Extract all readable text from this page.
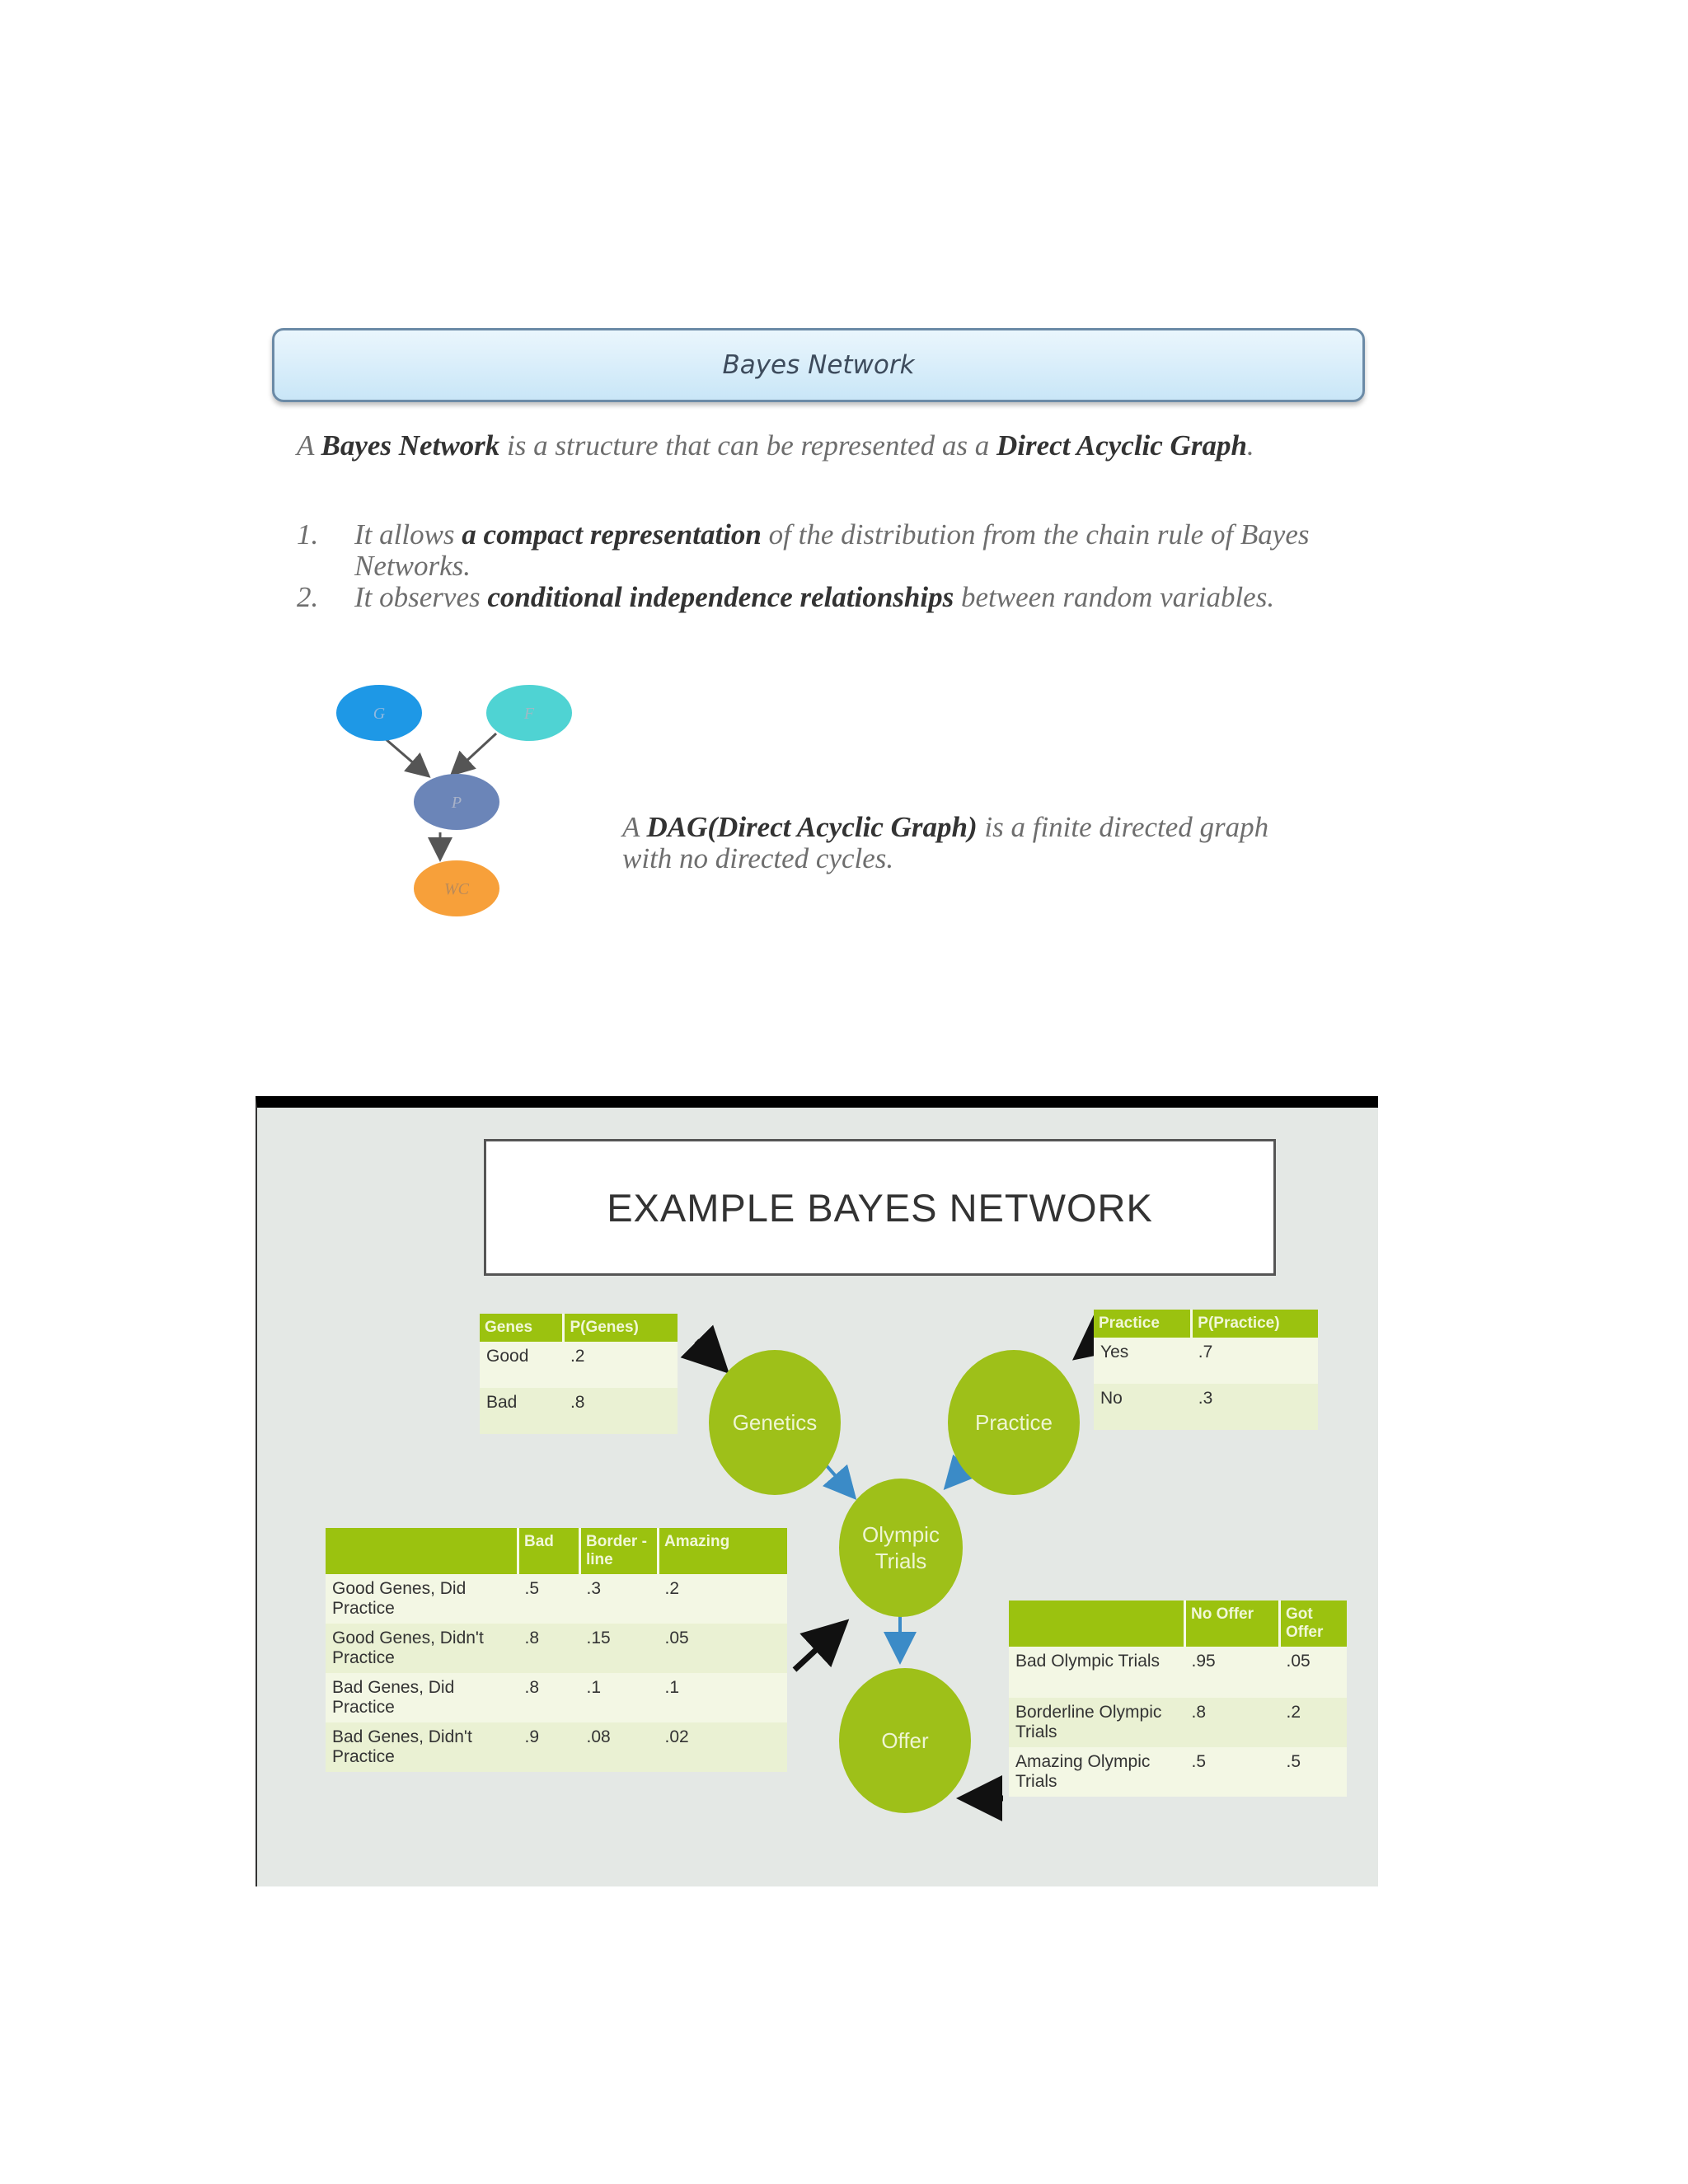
Bayes Network
A Bayes Network is a structure that can be represented as a Direct Acyclic Graph.
1.	It allows a compact representation of the distribution from the chain rule of Bayes Networks.
2.	It observes conditional independence relationships between random variables.
G	F
P
WC
A DAG(Direct Acyclic Graph) is a finite directed graph with no directed cycles.
EXAMPLE BAYES NETWORK
Genetics	Practice
Olympic Trials
Offer
Genes	P(Genes)
Good	.2
Bad	.8
Practice	P(Practice)
Yes	.7
No	.3
	Bad	Border -line	Amazing
Good Genes, Did Practice	.5	.3	.2
Good Genes, Didn't Practice	.8	.15	.05
Bad Genes, Did Practice	.8	.1	.1
Bad Genes, Didn't Practice	.9	.08	.02
	No Offer	Got Offer
Bad Olympic Trials	.95	.05
Borderline Olympic Trials	.8	.2
Amazing Olympic Trials	.5	.5
